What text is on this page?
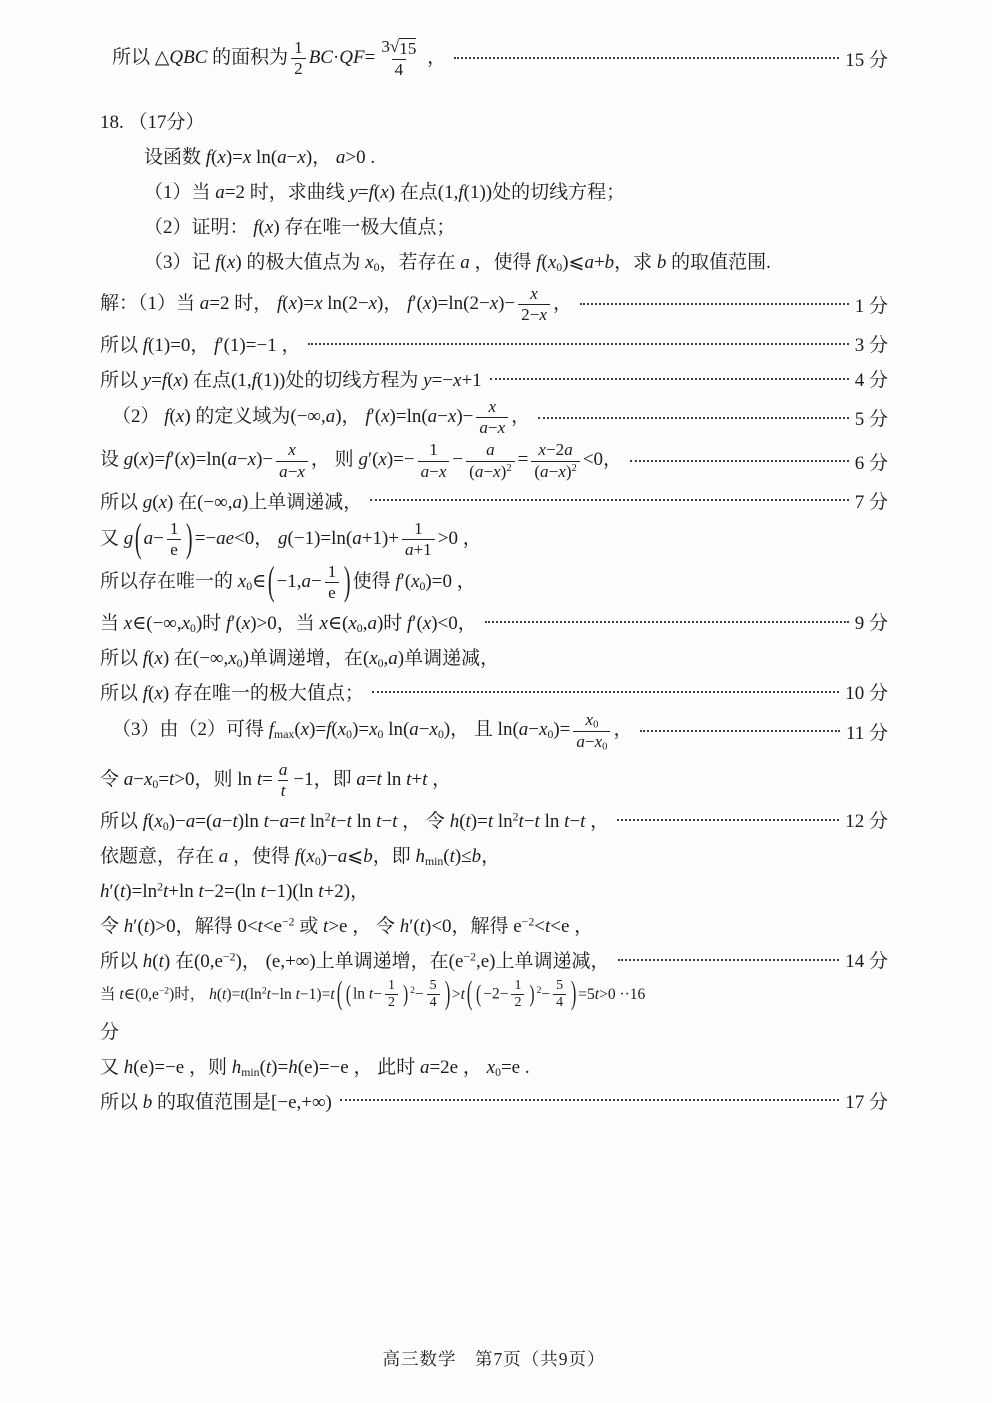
所以 △QBC 的面积为 $\frac{1}{2} BC\cdot QF= \frac{3 √ 15}{4}$ ，	15 分
18. （17分）
设函数 f(x)=x ln(a−x)， a>0 .
（1）当 a=2 时，求曲线 y=f(x) 在点(1,f(1))处的切线方程；
（2）证明： f(x) 存在唯一极大值点；
（3）记 f(x) 的极大值点为 $x_0$，若存在 a ，使得 $f(x_0)⩽a+b$，求 b 的取值范围.
解：（1）当 a=2 时， f(x)=x ln(2−x)， $f'(x)=\ln(2-x)- \frac{x}{2-x}$ ，	1 分
所以 f(1)=0， f′(1)=−1 ，	3 分
所以 y=f(x) 在点(1,f(1))处的切线方程为 y=−x+1	4 分
（2） f(x) 的定义域为(−∞,a)， $f'(x)=\ln(a-x)- \frac{x}{a-x}$ ，	5 分
设 $g(x)=f'(x)=\ln(a-x)- \frac{x}{a-x}$ ， 则 $g'(x)=- \frac{1}{a-x} - \frac{a}{(a-x)^2} = \frac{x-2a}{(a-x)^2} <0$，	6 分
所以 g(x) 在(−∞,a)上单调递减，	7 分
又 g ( $a- \frac{1}{e}$ ) =−ae<0， $g(-1)=\ln(a+1)+ \frac{1}{a+1} >0$ ，
所以存在唯一的 $x_0\in$ ( $-1,a- \frac{1}{e}$ ) 使得 $f'(x_0)=0$ ，
当 $x\in(-\infty,x_0)$时 f′(x)>0，当 $x\in(x_0,a)$时 f′(x)<0，	9 分
所以 f(x) 在$(-\infty,x_0)$单调递增，在$(x_0,a)$单调递减，
所以 f(x) 存在唯一的极大值点；	10 分
（3）由（2）可得 $f_{max}(x)=f(x_0)=x_0$ $\ln(a-x_0)$， 且 $\ln(a-x_0)= \frac{x_0}{a-x_0}$ ，	11 分
令 $a-x_0=t>0$，则 $\ln t= \frac{a}{t} -1$，即 a=t ln t+t ，
所以 $f(x_0)-a=(a-t)\ln$ t−a=t $\ln^2t-t$ ln t−t ， 令 h(t)=t $\ln^2t-t$ ln t−t ，	12 分
依题意，存在 a ，使得 $f(x_0)-a⩽b$，即 $h_{min}(t)\le b$，
$h'(t)=\ln^2t+\ln$ t−2=(ln t−1)(ln t+2)，
令 h′(t)>0，解得 $0<t<e^{-2}$ 或 t>e ， 令 h′(t)<0，解得 $e^{-2}<t<e$ ，
所以 h(t) 在$(0,e^{-2})$， (e,+∞)上单调递增，在$(e^{-2},e)$上单调递减，	14 分
当 $t\in(0,e^{-2})$时， $h(t)=t(\ln^2t-\ln$ t−1)=t ( ( $\ln t- \frac{1}{2}$ ) $^2- \frac{5}{4}$ ) >t ( ( $-2- \frac{1}{2}$ ) $^2- \frac{5}{4}$ ) =5t>0 ··16
分
又 h(e)=−e ，则 $h_{min}(t)=h(e)=-e$ ， 此时 a=2e ， $x_0=e$ .
所以 b 的取值范围是[−e,+∞)	17 分
高三数学　第7页（共9页）
